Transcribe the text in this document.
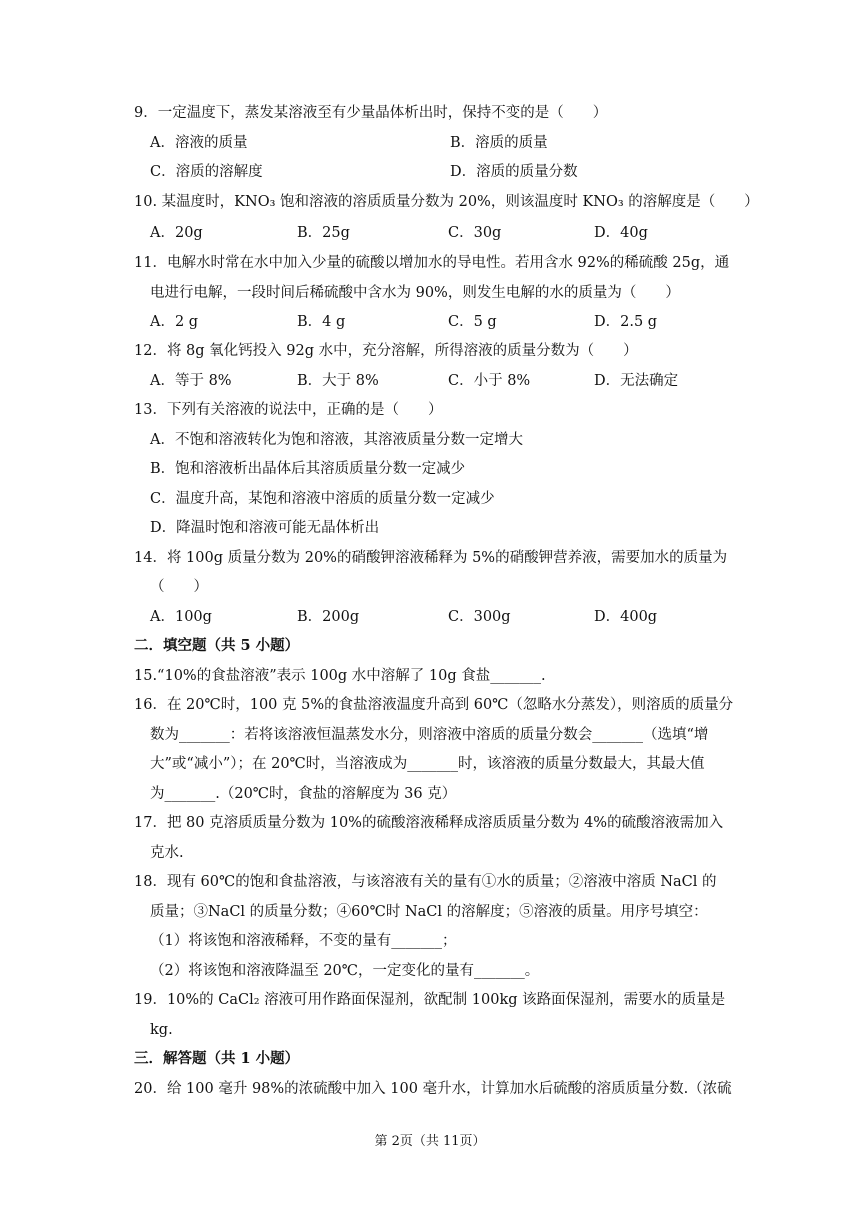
9．一定温度下，蒸发某溶液至有少量晶体析出时，保持不变的是（　　）
A．溶液的质量	B．溶质的质量
C．溶质的溶解度	D．溶质的质量分数
10. 某温度时，KNO₃ 饱和溶液的溶质质量分数为 20%，则该温度时 KNO₃ 的溶解度是（　　）
A．20g	B．25g	C．30g	D．40g
11．电解水时常在水中加入少量的硫酸以增加水的导电性。若用含水 92%的稀硫酸 25g，通
电进行电解，一段时间后稀硫酸中含水为 90%，则发生电解的水的质量为（　　）
A．2 g	B．4 g	C．5 g	D．2.5 g
12．将 8g 氧化钙投入 92g 水中，充分溶解，所得溶液的质量分数为（　　）
A．等于 8%	B．大于 8%	C．小于 8%	D．无法确定
13．下列有关溶液的说法中，正确的是（　　）
A．不饱和溶液转化为饱和溶液，其溶液质量分数一定增大
B．饱和溶液析出晶体后其溶质质量分数一定减少
C．温度升高，某饱和溶液中溶质的质量分数一定减少
D．降温时饱和溶液可能无晶体析出
14．将 100g 质量分数为 20%的硝酸钾溶液稀释为 5%的硝酸钾营养液，需要加水的质量为
（　　）
A．100g	B．200g	C．300g	D．400g
二．填空题（共 5 小题）
15.“10%的食盐溶液”表示 100g 水中溶解了 10g 食盐_______.
16．在 20℃时，100 克 5%的食盐溶液温度升高到 60℃（忽略水分蒸发），则溶质的质量分
数为_______：若将该溶液恒温蒸发水分，则溶液中溶质的质量分数会_______（选填“增
大”或“减小”）；在 20℃时，当溶液成为_______时，该溶液的质量分数最大，其最大值
为_______.（20℃时，食盐的溶解度为 36 克）
17．把 80 克溶质质量分数为 10%的硫酸溶液稀释成溶质质量分数为 4%的硫酸溶液需加入
克水.
18．现有 60℃的饱和食盐溶液，与该溶液有关的量有①水的质量；②溶液中溶质 NaCl 的
质量；③NaCl 的质量分数；④60℃时 NaCl 的溶解度；⑤溶液的质量。用序号填空：
（1）将该饱和溶液稀释，不变的量有_______；
（2）将该饱和溶液降温至 20℃，一定变化的量有_______。
19．10%的 CaCl₂ 溶液可用作路面保湿剂，欲配制 100kg 该路面保湿剂，需要水的质量是
kg.
三．解答题（共 1 小题）
20．给 100 毫升 98%的浓硫酸中加入 100 毫升水，计算加水后硫酸的溶质质量分数.（浓硫
第 2页（共 11页）
